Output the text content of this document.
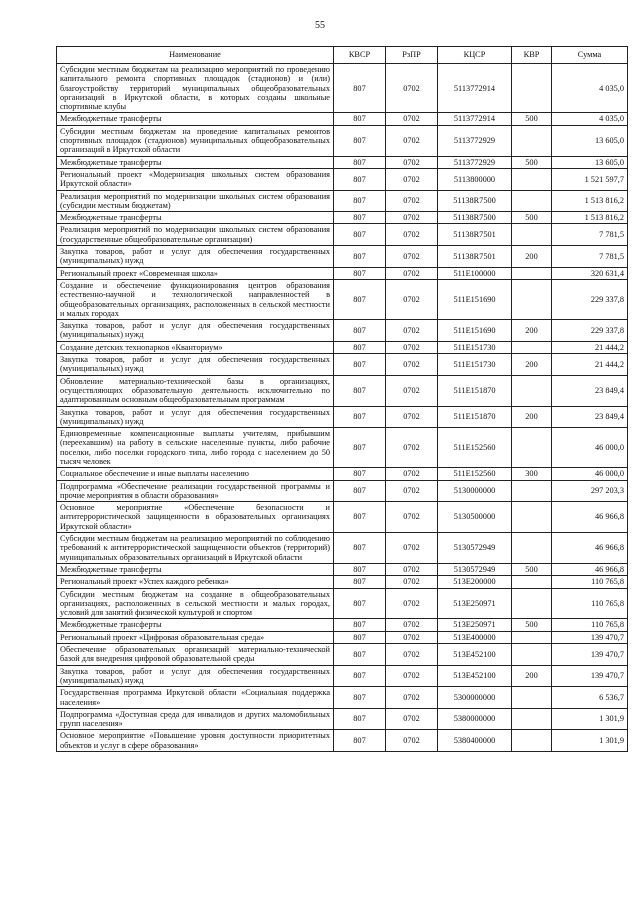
55
Наименование	КВСР	РзПР	КЦСР	КВР	Сумма
Субсидии местным бюджетам на реализацию мероприятий по проведению капитального ремонта спортивных площадок (стадионов) и (или) благоустройству территорий муниципальных общеобразовательных организаций в Иркутской области, в которых созданы школьные спортивные клубы	807	0702	5113772914		4 035,0
Межбюджетные трансферты	807	0702	5113772914	500	4 035,0
Субсидии местным бюджетам на проведение капитальных ремонтов спортивных площадок (стадионов) муниципальных общеобразовательных организаций в Иркутской области	807	0702	5113772929		13 605,0
Межбюджетные трансферты	807	0702	5113772929	500	13 605,0
Региональный проект «Модернизация школьных систем образования Иркутской области»	807	0702	5113800000		1 521 597,7
Реализация мероприятий по модернизации школьных систем образования (субсидии местным бюджетам)	807	0702	51138R7500		1 513 816,2
Межбюджетные трансферты	807	0702	51138R7500	500	1 513 816,2
Реализация мероприятий по модернизации школьных систем образования (государственные общеобразовательные организации)	807	0702	51138R7501		7 781,5
Закупка товаров, работ и услуг для обеспечения государственных (муниципальных) нужд	807	0702	51138R7501	200	7 781,5
Региональный проект «Современная школа»	807	0702	511E100000		320 631,4
Создание и обеспечение функционирования центров образования естественно-научной и технологической направленностей в общеобразовательных организациях, расположенных в сельской местности и малых городах	807	0702	511E151690		229 337,8
Закупка товаров, работ и услуг для обеспечения государственных (муниципальных) нужд	807	0702	511E151690	200	229 337,8
Создание детских технопарков «Кванториум»	807	0702	511E151730		21 444,2
Закупка товаров, работ и услуг для обеспечения государственных (муниципальных) нужд	807	0702	511E151730	200	21 444,2
Обновление материально-технической базы в организациях, осуществляющих образовательную деятельность исключительно по адаптированным основным общеобразовательным программам	807	0702	511E151870		23 849,4
Закупка товаров, работ и услуг для обеспечения государственных (муниципальных) нужд	807	0702	511E151870	200	23 849,4
Единовременные компенсационные выплаты учителям, прибывшим (переехавшим) на работу в сельские населенные пункты, либо рабочие поселки, либо поселки городского типа, либо города с населением до 50 тысяч человек	807	0702	511E152560		46 000,0
Социальное обеспечение и иные выплаты населению	807	0702	511E152560	300	46 000,0
Подпрограмма «Обеспечение реализации государственной программы и прочие мероприятия в области образования»	807	0702	5130000000		297 203,3
Основное мероприятие «Обеспечение безопасности и антитеррористической защищенности в образовательных организациях Иркутской области»	807	0702	5130500000		46 966,8
Субсидии местным бюджетам на реализацию мероприятий по соблюдению требований к антитеррористической защищенности объектов (территорий) муниципальных образовательных организаций в Иркутской области	807	0702	5130572949		46 966,8
Межбюджетные трансферты	807	0702	5130572949	500	46 966,8
Региональный проект «Успех каждого ребенка»	807	0702	513E200000		110 765,8
Субсидии местным бюджетам на создание в общеобразовательных организациях, расположенных в сельской местности и малых городах, условий для занятий физической культурой и спортом	807	0702	513E250971		110 765,8
Межбюджетные трансферты	807	0702	513E250971	500	110 765,8
Региональный проект «Цифровая образовательная среда»	807	0702	513E400000		139 470,7
Обеспечение образовательных организаций материально-технической базой для внедрения цифровой образовательной среды	807	0702	513E452100		139 470,7
Закупка товаров, работ и услуг для обеспечения государственных (муниципальных) нужд	807	0702	513E452100	200	139 470,7
Государственная программа Иркутской области «Социальная поддержка населения»	807	0702	5300000000		6 536,7
Подпрограмма «Доступная среда для инвалидов и других маломобильных групп населения»	807	0702	5380000000		1 301,9
Основное мероприятие «Повышение уровня доступности приоритетных объектов и услуг в сфере образования»	807	0702	5380400000		1 301,9
